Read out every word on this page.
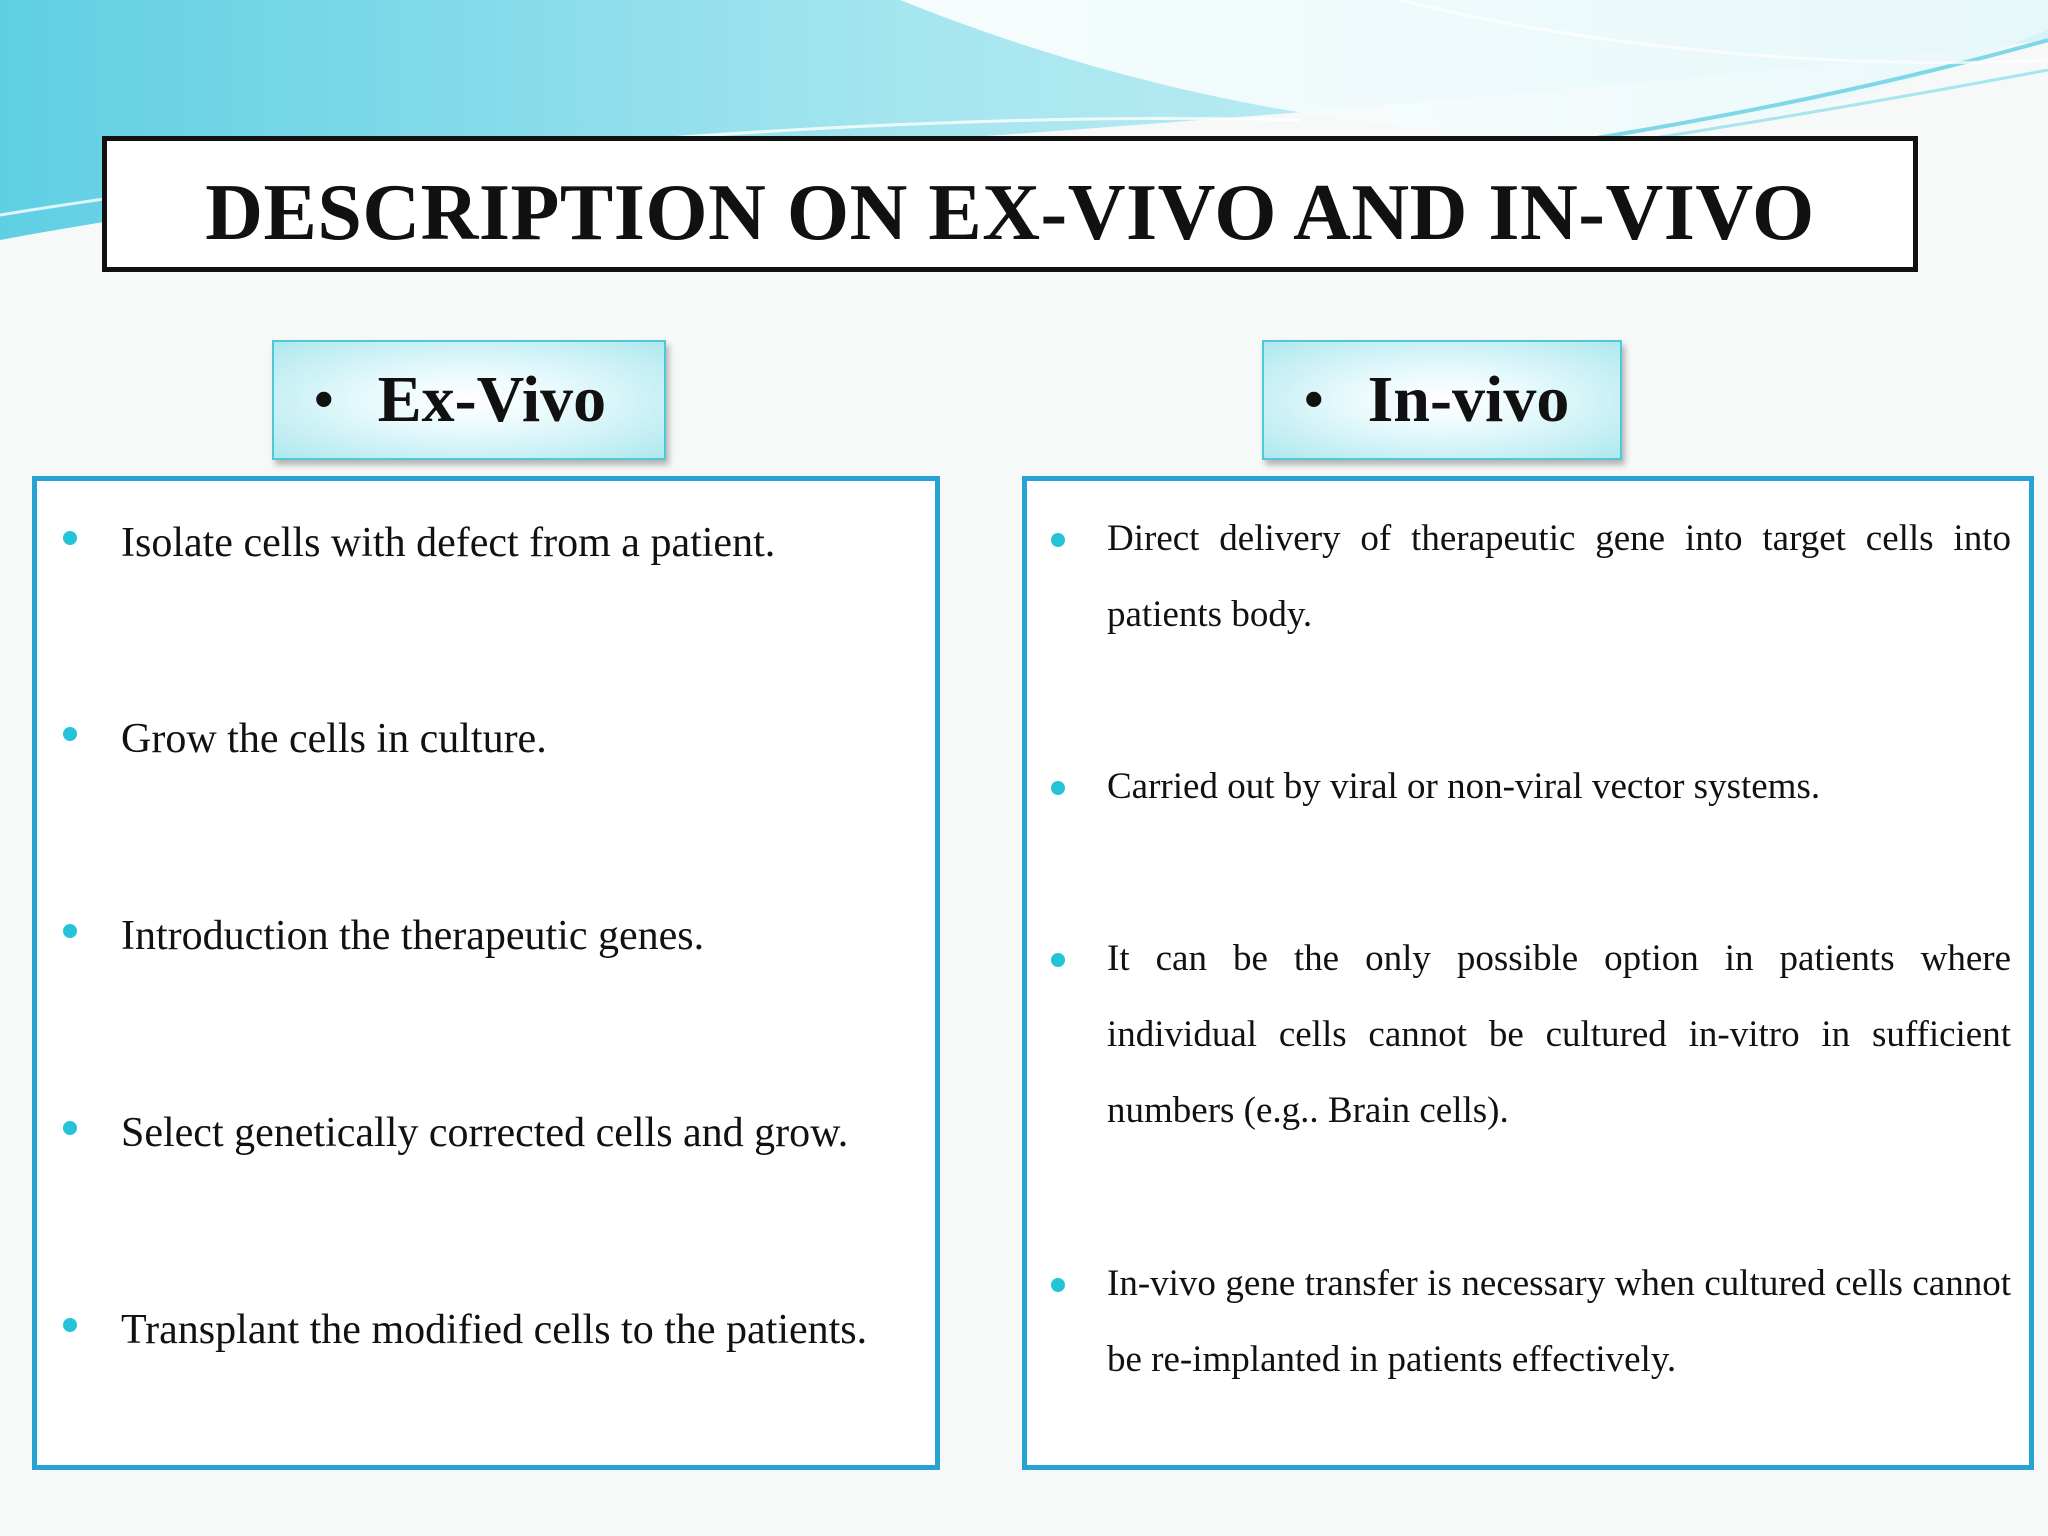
DESCRIPTION ON EX-VIVO AND IN-VIVO
• Ex-Vivo	• In-vivo
Isolate cells with defect from a patient.
Grow the cells in culture.
Introduction the therapeutic genes.
Select genetically corrected cells and grow.
Transplant the modified cells to the patients.
Direct delivery of therapeutic gene into target cells into patients body.
Carried out by viral or non-viral vector systems.
It can be the only possible option in patients where individual cells cannot be cultured in-vitro in sufficient numbers (e.g.. Brain cells).
In-vivo gene transfer is necessary when cultured cells cannot be re-implanted in patients effectively.
